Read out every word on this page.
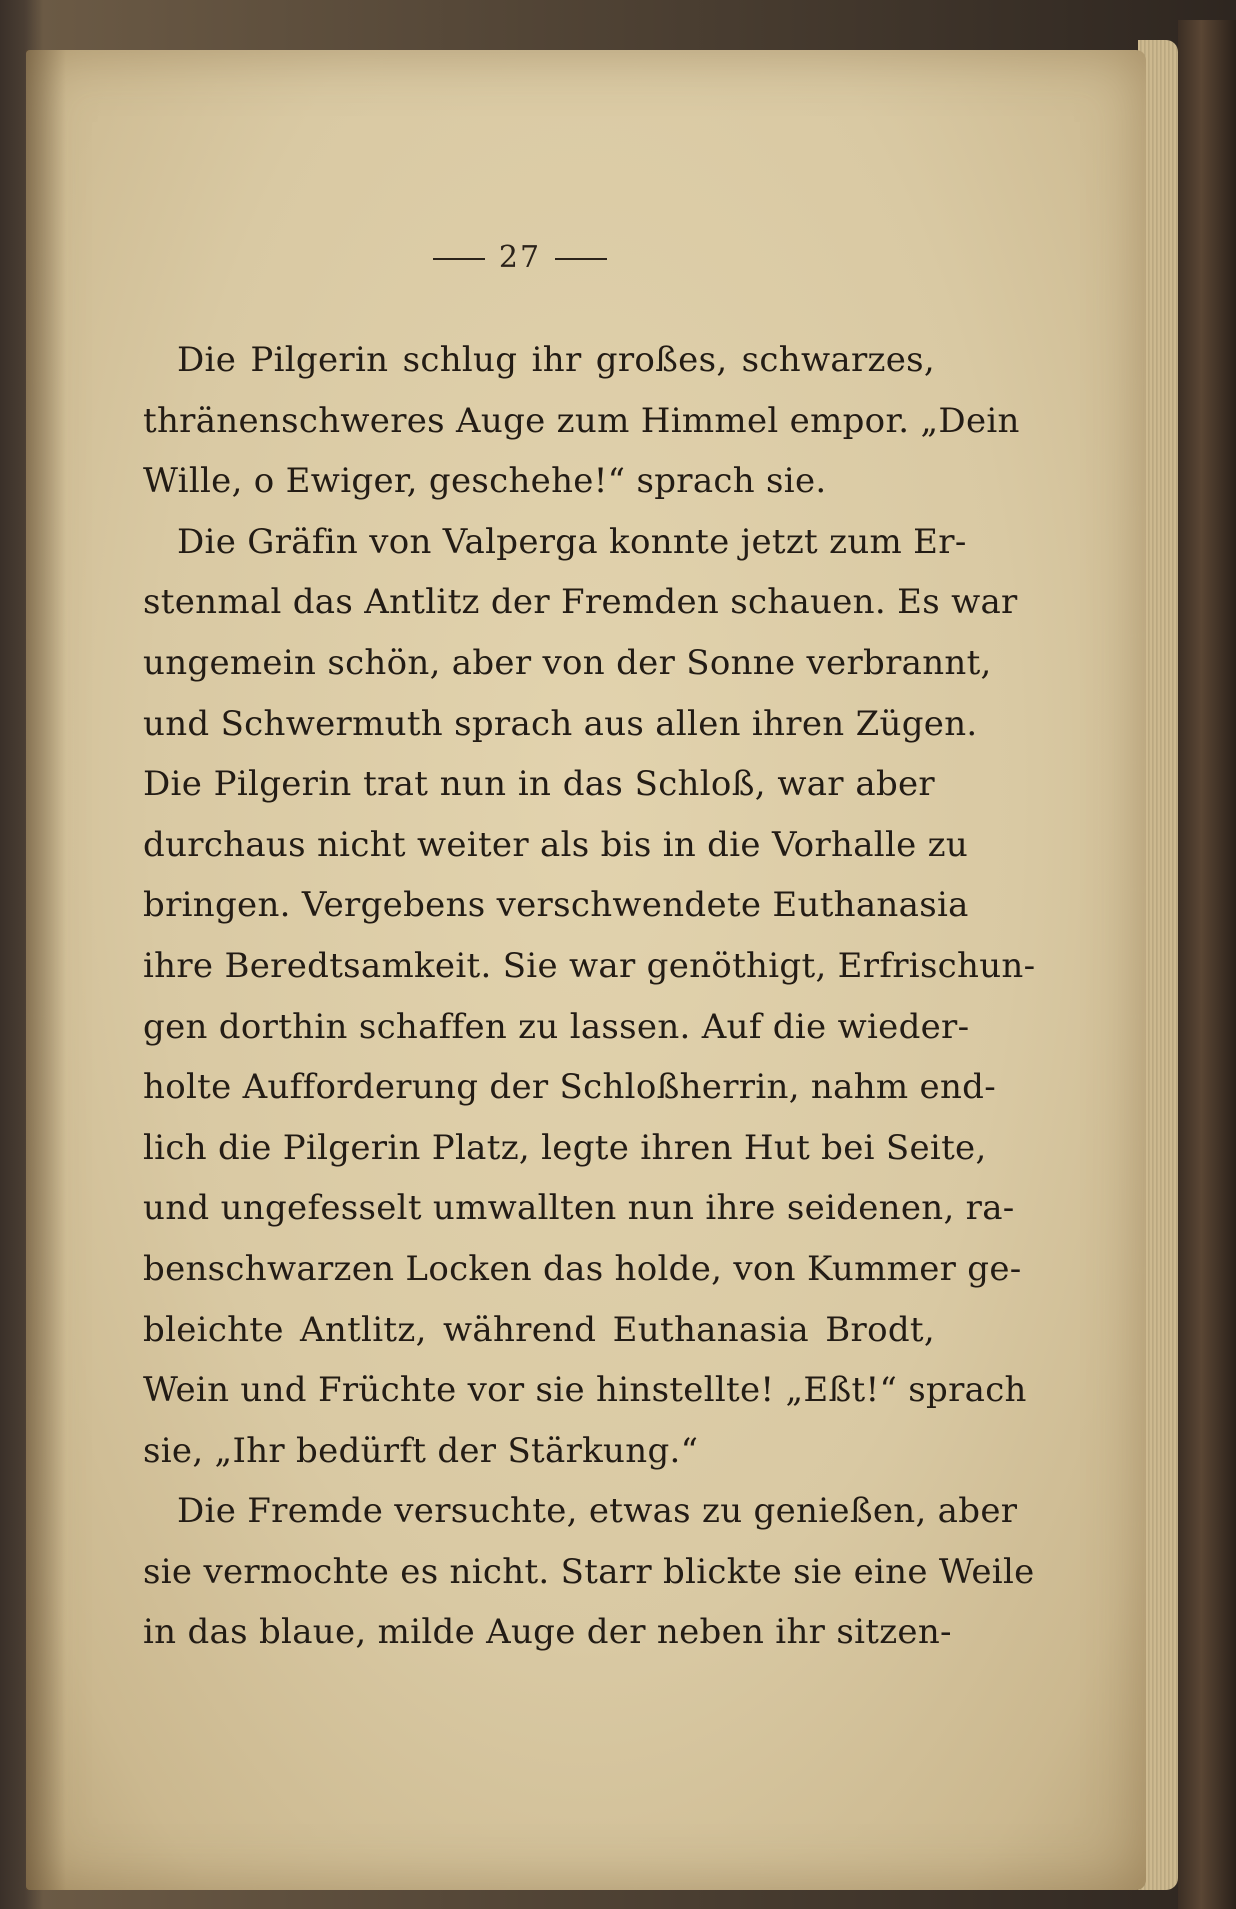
27
Die Pilgerin schlug ihr großes, schwarzes,
thränenschweres Auge zum Himmel empor. „Dein
Wille, o Ewiger, geschehe!“ sprach sie.
Die Gräfin von Valperga konnte jetzt zum Er-
stenmal das Antlitz der Fremden schauen. Es war
ungemein schön, aber von der Sonne verbrannt,
und Schwermuth sprach aus allen ihren Zügen.
Die Pilgerin trat nun in das Schloß, war aber
durchaus nicht weiter als bis in die Vorhalle zu
bringen. Vergebens verschwendete Euthanasia
ihre Beredtsamkeit. Sie war genöthigt, Erfrischun-
gen dorthin schaffen zu lassen. Auf die wieder-
holte Aufforderung der Schloßherrin, nahm end-
lich die Pilgerin Platz, legte ihren Hut bei Seite,
und ungefesselt umwallten nun ihre seidenen, ra-
benschwarzen Locken das holde, von Kummer ge-
bleichte Antlitz, während Euthanasia Brodt,
Wein und Früchte vor sie hinstellte! „Eßt!“ sprach
sie, „Ihr bedürft der Stärkung.“
Die Fremde versuchte, etwas zu genießen, aber
sie vermochte es nicht. Starr blickte sie eine Weile
in das blaue, milde Auge der neben ihr sitzen-
